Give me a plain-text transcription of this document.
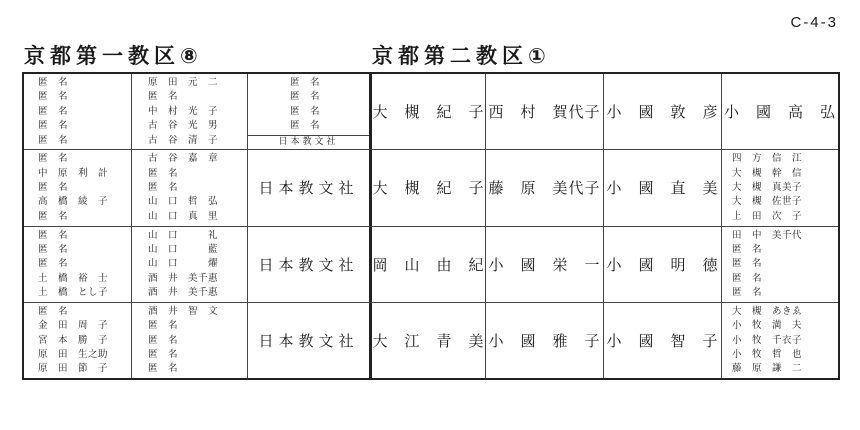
C-4-3
京都第一教区⑧	京都第二教区①
匿　名
匿　名
匿　名
匿　名
匿　名
原　田　元　二
匿　名
中　村　光　子
古　谷　光　男
古　谷　清　子
匿　名
匿　名
匿　名
匿　名
日本教文社
大　槻　紀　子 西　村　賀代子 小　國　敦　彦 小　國　高　弘
匿　名
中　原　利　計
匿　名
高　橋　綾　子
匿　名
古　谷　嘉　章
匿　名
匿　名
山　口　哲　弘
山　口　真　里
日本教文社 大　槻　紀　子 藤　原　美代子 小　國　直　美
四　方　信　江
大　槻　幹　信
大　槻　真美子
大　槻　佐世子
上　田　次　子
匿　名
匿　名
匿　名
土　橋　裕　士
土　橋　とし子
山　口　　　礼
山　口　　　藍
山　口　　　燿
酒　井　美千惠
酒　井　美千惠
日本教文社 岡　山　由　紀 小　國　栄　一 小　國　明　徳
田　中　美千代
匿　名
匿　名
匿　名
匿　名
匿　名
金　田　周　子
宮　本　勝　子
原　田　生之助
原　田　節　子
酒　井　智　文
匿　名
匿　名
匿　名
匿　名
日本教文社 大　江　青　美 小　國　雅　子 小　國　智　子
大　槻　あきゑ
小　牧　満　夫
小　牧　千衣子
小　牧　哲　也
藤　原　謙　二
